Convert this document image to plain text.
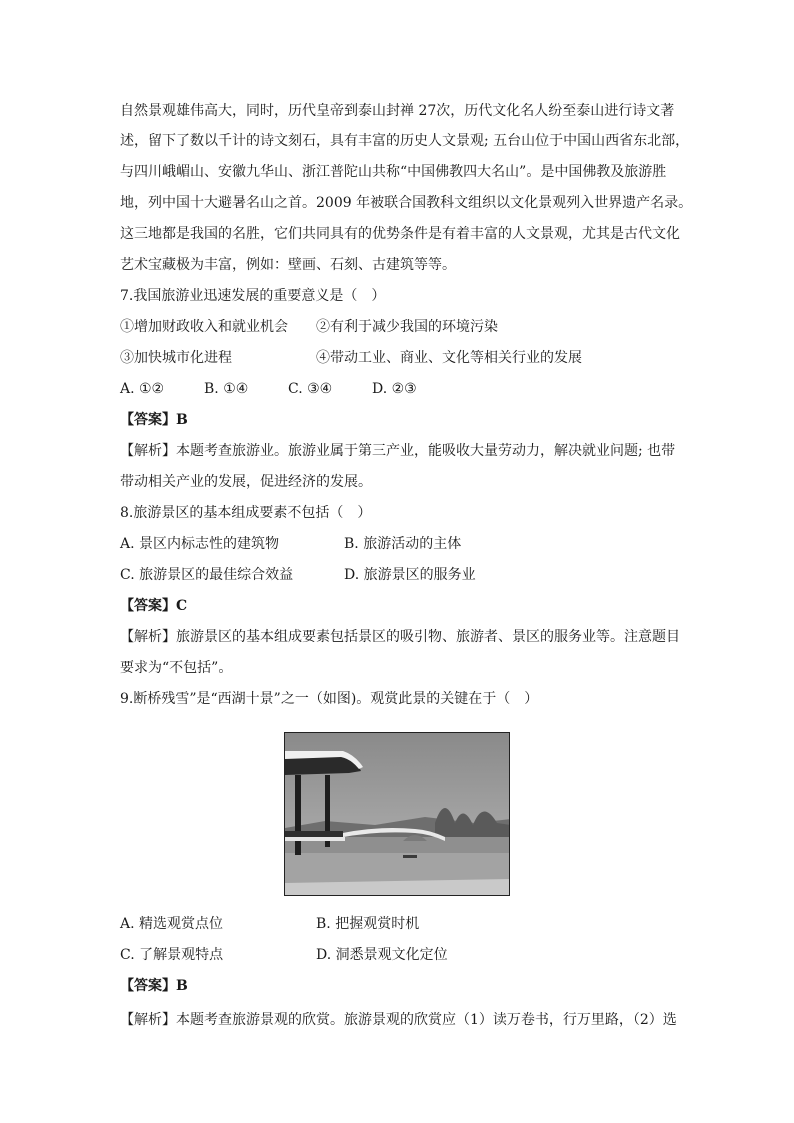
自然景观雄伟高大，同时，历代皇帝到泰山封禅 27次，历代文化名人纷至泰山进行诗文著
述，留下了数以千计的诗文刻石，具有丰富的历史人文景观; 五台山位于中国山西省东北部，
与四川峨嵋山、安徽九华山、浙江普陀山共称“中国佛教四大名山”。是中国佛教及旅游胜
地，列中国十大避暑名山之首。2009 年被联合国教科文组织以文化景观列入世界遗产名录。
这三地都是我国的名胜，它们共同具有的优势条件是有着丰富的人文景观，尤其是古代文化
艺术宝藏极为丰富，例如：壁画、石刻、古建筑等等。
7.我国旅游业迅速发展的重要意义是（　）
①增加财政收入和就业机会 ②有利于减少我国的环境污染
③加快城市化进程	④带动工业、商业、文化等相关行业的发展
A. ①②	B. ①④	C. ③④	D. ②③
【答案】B
【解析】本题考查旅游业。旅游业属于第三产业，能吸收大量劳动力，解决就业问题; 也带
带动相关产业的发展，促进经济的发展。
8.旅游景区的基本组成要素不包括（　）
A. 景区内标志性的建筑物	B. 旅游活动的主体
C. 旅游景区的最佳综合效益	D. 旅游景区的服务业
【答案】C
【解析】旅游景区的基本组成要素包括景区的吸引物、旅游者、景区的服务业等。注意题目
要求为“不包括”。
9.断桥残雪”是“西湖十景”之一（如图)。观赏此景的关键在于（　）
A. 精选观赏点位	B. 把握观赏时机
C. 了解景观特点	D. 洞悉景观文化定位
【答案】B
【解析】本题考查旅游景观的欣赏。旅游景观的欣赏应（1）读万卷书，行万里路，（2）选
